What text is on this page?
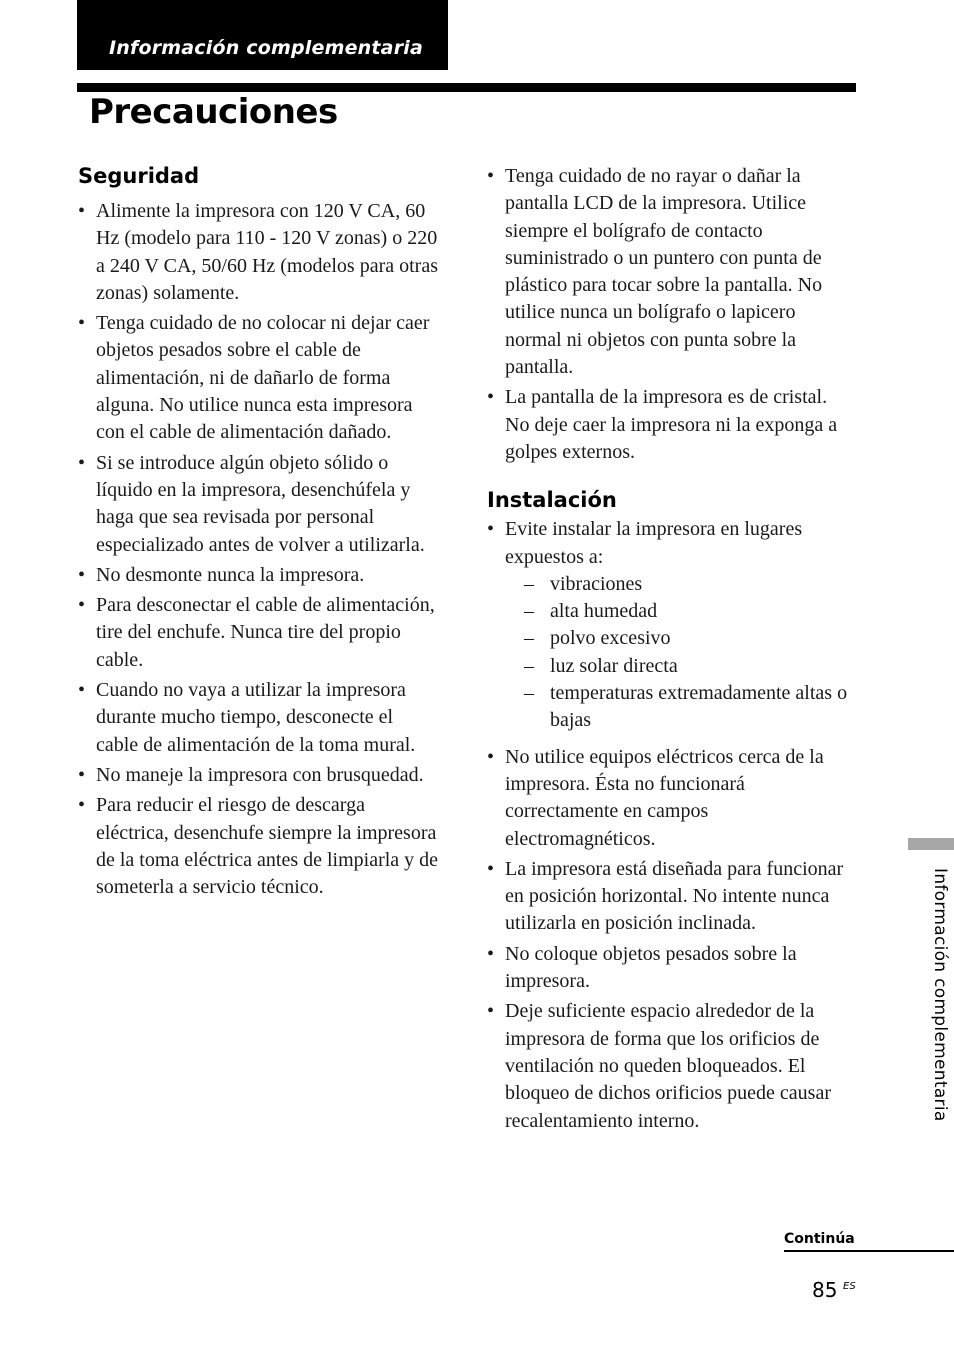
Información complementaria
Precauciones
Seguridad
• Alimente la impresora con 120 V CA, 60 Hz (modelo para 110 - 120 V zonas) o 220 a 240 V CA, 50/60 Hz (modelos para otras zonas) solamente.
• Tenga cuidado de no colocar ni dejar caer objetos pesados sobre el cable de alimentación, ni de dañarlo de forma alguna. No utilice nunca esta impresora con el cable de alimentación dañado.
• Si se introduce algún objeto sólido o líquido en la impresora, desenchúfela y haga que sea revisada por personal especializado antes de volver a utilizarla.
• No desmonte nunca la impresora.
• Para desconectar el cable de alimentación, tire del enchufe. Nunca tire del propio cable.
• Cuando no vaya a utilizar la impresora durante mucho tiempo, desconecte el cable de alimentación de la toma mural.
• No maneje la impresora con brusquedad.
• Para reducir el riesgo de descarga eléctrica, desenchufe siempre la impresora de la toma eléctrica antes de limpiarla y de someterla a servicio técnico.
• Tenga cuidado de no rayar o dañar la pantalla LCD de la impresora. Utilice siempre el bolígrafo de contacto suministrado o un puntero con punta de plástico para tocar sobre la pantalla. No utilice nunca un bolígrafo o lapicero normal ni objetos con punta sobre la pantalla.
• La pantalla de la impresora es de cristal. No deje caer la impresora ni la exponga a golpes externos.
Instalación
• Evite instalar la impresora en lugares expuestos a:
– vibraciones
– alta humedad
– polvo excesivo
– luz solar directa
– temperaturas extremadamente altas o bajas
• No utilice equipos eléctricos cerca de la impresora. Ésta no funcionará correctamente en campos electromagnéticos.
• La impresora está diseñada para funcionar en posición horizontal. No intente nunca utilizarla en posición inclinada.
• No coloque objetos pesados sobre la impresora.
• Deje suficiente espacio alrededor de la impresora de forma que los orificios de ventilación no queden bloqueados. El bloqueo de dichos orificios puede causar recalentamiento interno.	Información complementaria
Continúa
85 ES
